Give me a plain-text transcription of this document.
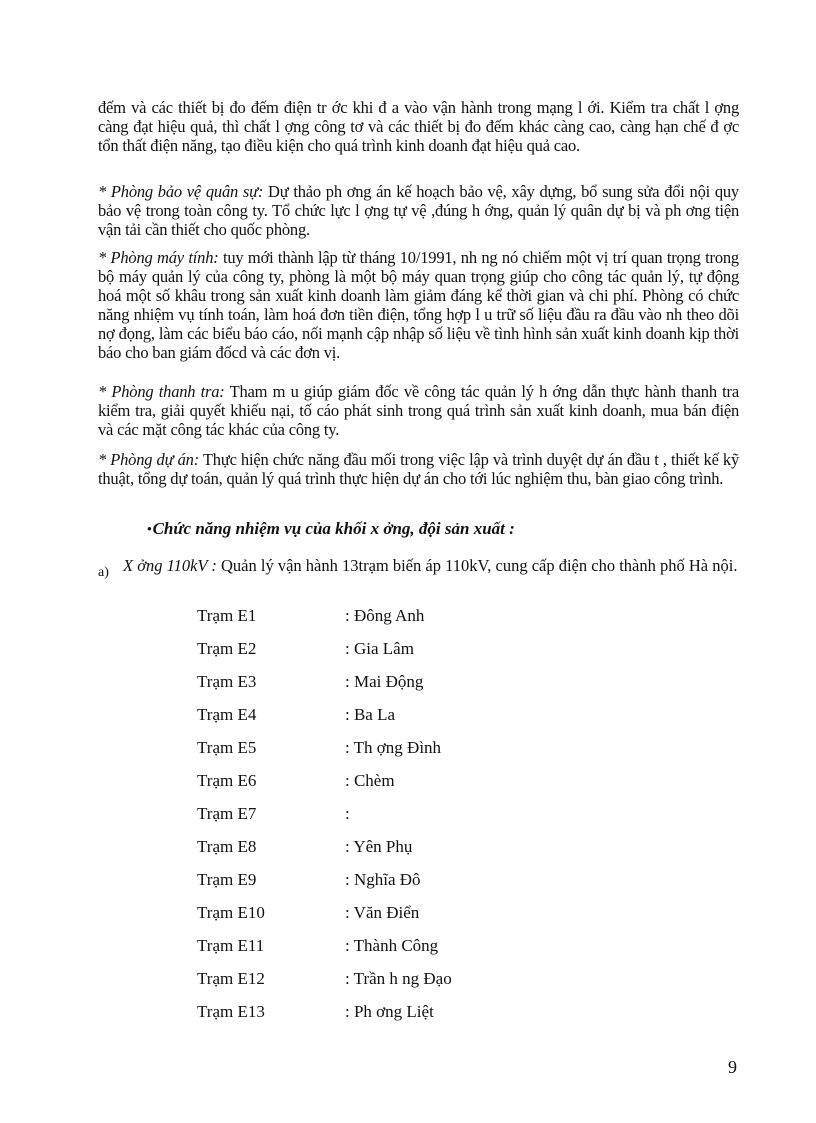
đếm và các thiết bị đo đếm điện tr ớc khi đ a vào vận hành trong mạng l ới. Kiểm tra chất l ợng càng đạt hiệu quả, thì chất l ợng công tơ và các thiết bị đo đếm khác càng cao, càng hạn chế đ ợc tổn thất điện năng, tạo điều kiện cho quá trình kinh doanh đạt hiệu quả cao.
* Phòng bảo vệ quân sự: Dự thảo ph ơng án kế hoạch bảo vệ, xây dựng, bổ sung sửa đổi nội quy bảo vệ trong toàn công ty. Tổ chức lực l ợng tự vệ ,đúng h ớng, quản lý quân dự bị và ph ơng tiện vận tải cần thiết cho quốc phòng.
* Phòng máy tính: tuy mới thành lập từ tháng 10/1991, nh ng nó chiếm một vị trí quan trọng trong bộ máy quản lý của công ty, phòng là một bộ máy quan trọng giúp cho công tác quản lý, tự động hoá một số khâu trong sản xuất kinh doanh làm giảm đáng kể thời gian và chi phí. Phòng có chức năng nhiệm vụ tính toán, làm hoá đơn tiền điện, tổng hợp l u trữ số liệu đầu ra đầu vào nh theo dõi nợ đọng, làm các biểu báo cáo, nối mạnh cập nhập số liệu về tình hình sản xuất kinh doanh kịp thời báo cho ban giám đốcd và các đơn vị.
* Phòng thanh tra: Tham m u giúp giám đốc về công tác quản lý h ớng dẫn thực hành thanh tra kiểm tra, giải quyết khiếu nại, tố cáo phát sinh trong quá trình sản xuất kinh doanh, mua bán điện và các mặt công tác khác của công ty.
* Phòng dự án: Thực hiện chức năng đầu mối trong việc lập và trình duyệt dự án đầu t , thiết kế kỹ thuật, tổng dự toán, quản lý quá trình thực hiện dự án cho tới lúc nghiệm thu, bàn giao công trình.
•Chức năng nhiệm vụ của khối x ởng, đội sản xuất :
a) X ởng 110kV : Quản lý vận hành 13trạm biến áp 110kV, cung cấp điện cho thành phố Hà nội.
Trạm E1	: Đông Anh
Trạm E2	: Gia Lâm
Trạm E3	: Mai Động
Trạm E4	: Ba La
Trạm E5	: Th ợng Đình
Trạm E6	: Chèm
Trạm E7	:
Trạm E8	: Yên Phụ
Trạm E9	: Nghĩa Đô
Trạm E10	: Văn Điển
Trạm E11	: Thành Công
Trạm E12	: Trần h ng Đạo
Trạm E13	: Ph ơng Liệt
9
